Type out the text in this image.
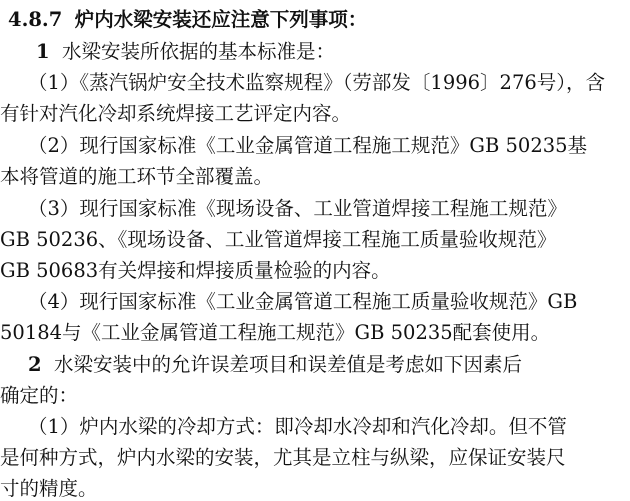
4.8.7 炉内水梁安装还应注意下列事项：
1 水梁安装所依据的基本标准是：
（1）《蒸汽锅炉安全技术监察规程》（劳部发〔1996〕276号），含
有针对汽化冷却系统焊接工艺评定内容。
（2）现行国家标准《工业金属管道工程施工规范》GB 50235基
本将管道的施工环节全部覆盖。
（3）现行国家标准《现场设备、工业管道焊接工程施工规范》
GB 50236、《现场设备、工业管道焊接工程施工质量验收规范》
GB 50683有关焊接和焊接质量检验的内容。
（4）现行国家标准《工业金属管道工程施工质量验收规范》GB
50184与《工业金属管道工程施工规范》GB 50235配套使用。
2 水梁安装中的允许误差项目和误差值是考虑如下因素后
确定的：
（1）炉内水梁的冷却方式：即冷却水冷却和汽化冷却。但不管
是何种方式，炉内水梁的安装，尤其是立柱与纵梁，应保证安装尺
寸的精度。
